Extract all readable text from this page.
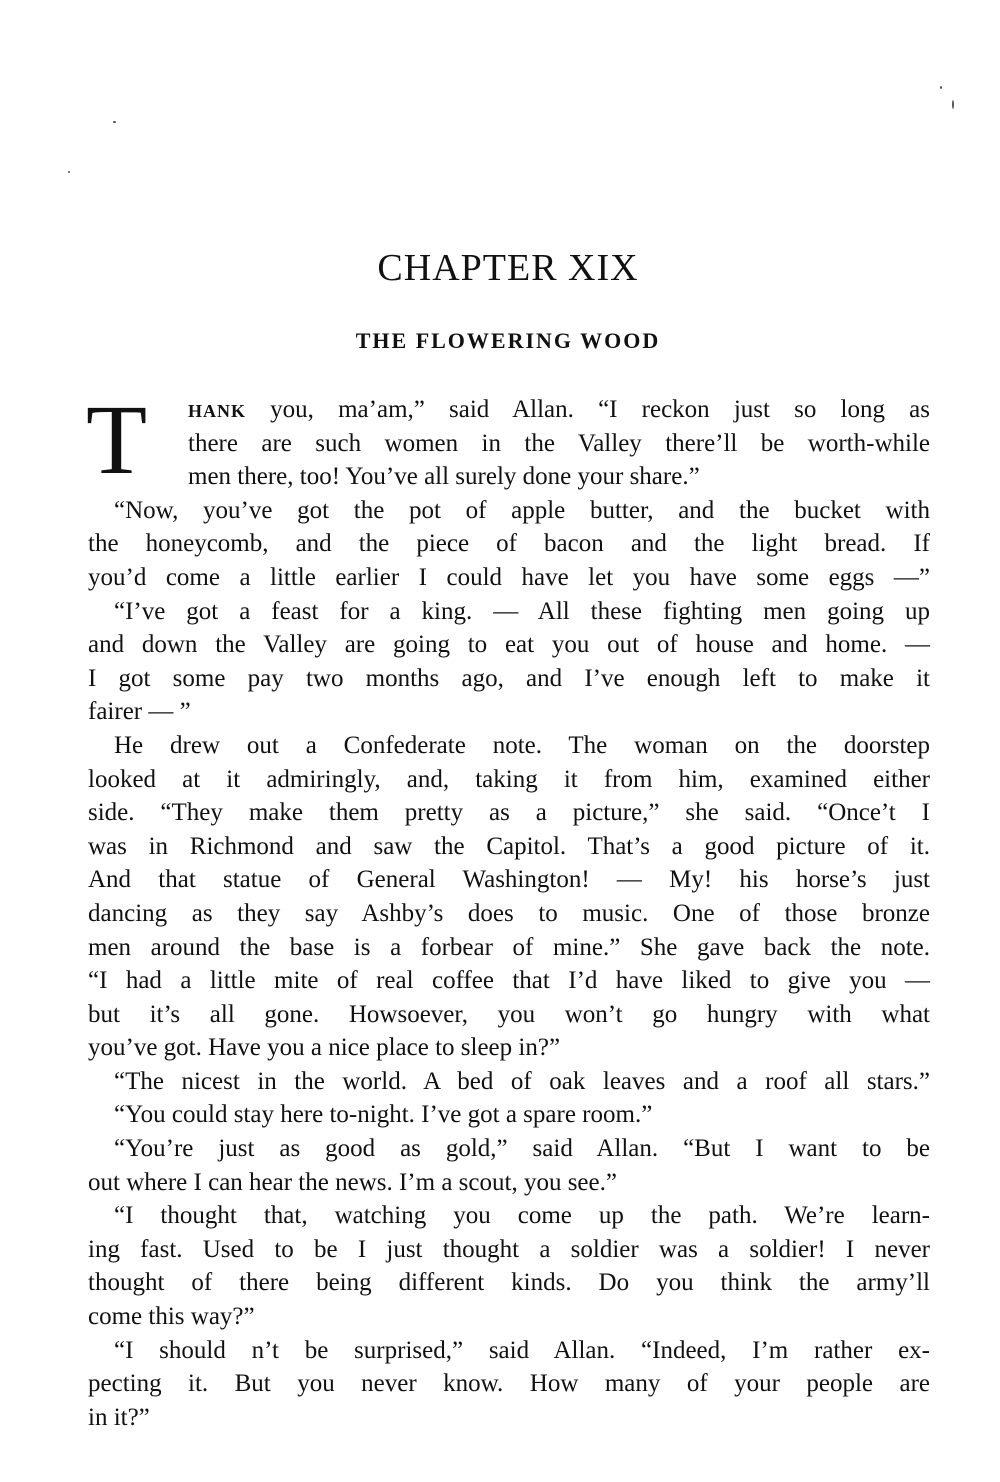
CHAPTER XIX
THE FLOWERING WOOD
T	HANK you, ma’am,” said Allan. “I reckon just so long as
there are such women in the Valley there’ll be worth-while
men there, too! You’ve all surely done your share.”
“Now, you’ve got the pot of apple butter, and the bucket with
the honeycomb, and the piece of bacon and the light bread. If
you’d come a little earlier I could have let you have some eggs —”
“I’ve got a feast for a king. — All these fighting men going up
and down the Valley are going to eat you out of house and home. —
I got some pay two months ago, and I’ve enough left to make it
fairer — ”
He drew out a Confederate note. The woman on the doorstep
looked at it admiringly, and, taking it from him, examined either
side. “They make them pretty as a picture,” she said. “Once’t I
was in Richmond and saw the Capitol. That’s a good picture of it.
And that statue of General Washington! — My! his horse’s just
dancing as they say Ashby’s does to music. One of those bronze
men around the base is a forbear of mine.” She gave back the note.
“I had a little mite of real coffee that I’d have liked to give you —
but it’s all gone. Howsoever, you won’t go hungry with what
you’ve got. Have you a nice place to sleep in?”
“The nicest in the world. A bed of oak leaves and a roof all stars.”
“You could stay here to-night. I’ve got a spare room.”
“You’re just as good as gold,” said Allan. “But I want to be
out where I can hear the news. I’m a scout, you see.”
“I thought that, watching you come up the path. We’re learn-
ing fast. Used to be I just thought a soldier was a soldier! I never
thought of there being different kinds. Do you think the army’ll
come this way?”
“I should n’t be surprised,” said Allan. “Indeed, I’m rather ex-
pecting it. But you never know. How many of your people are
in it?”
